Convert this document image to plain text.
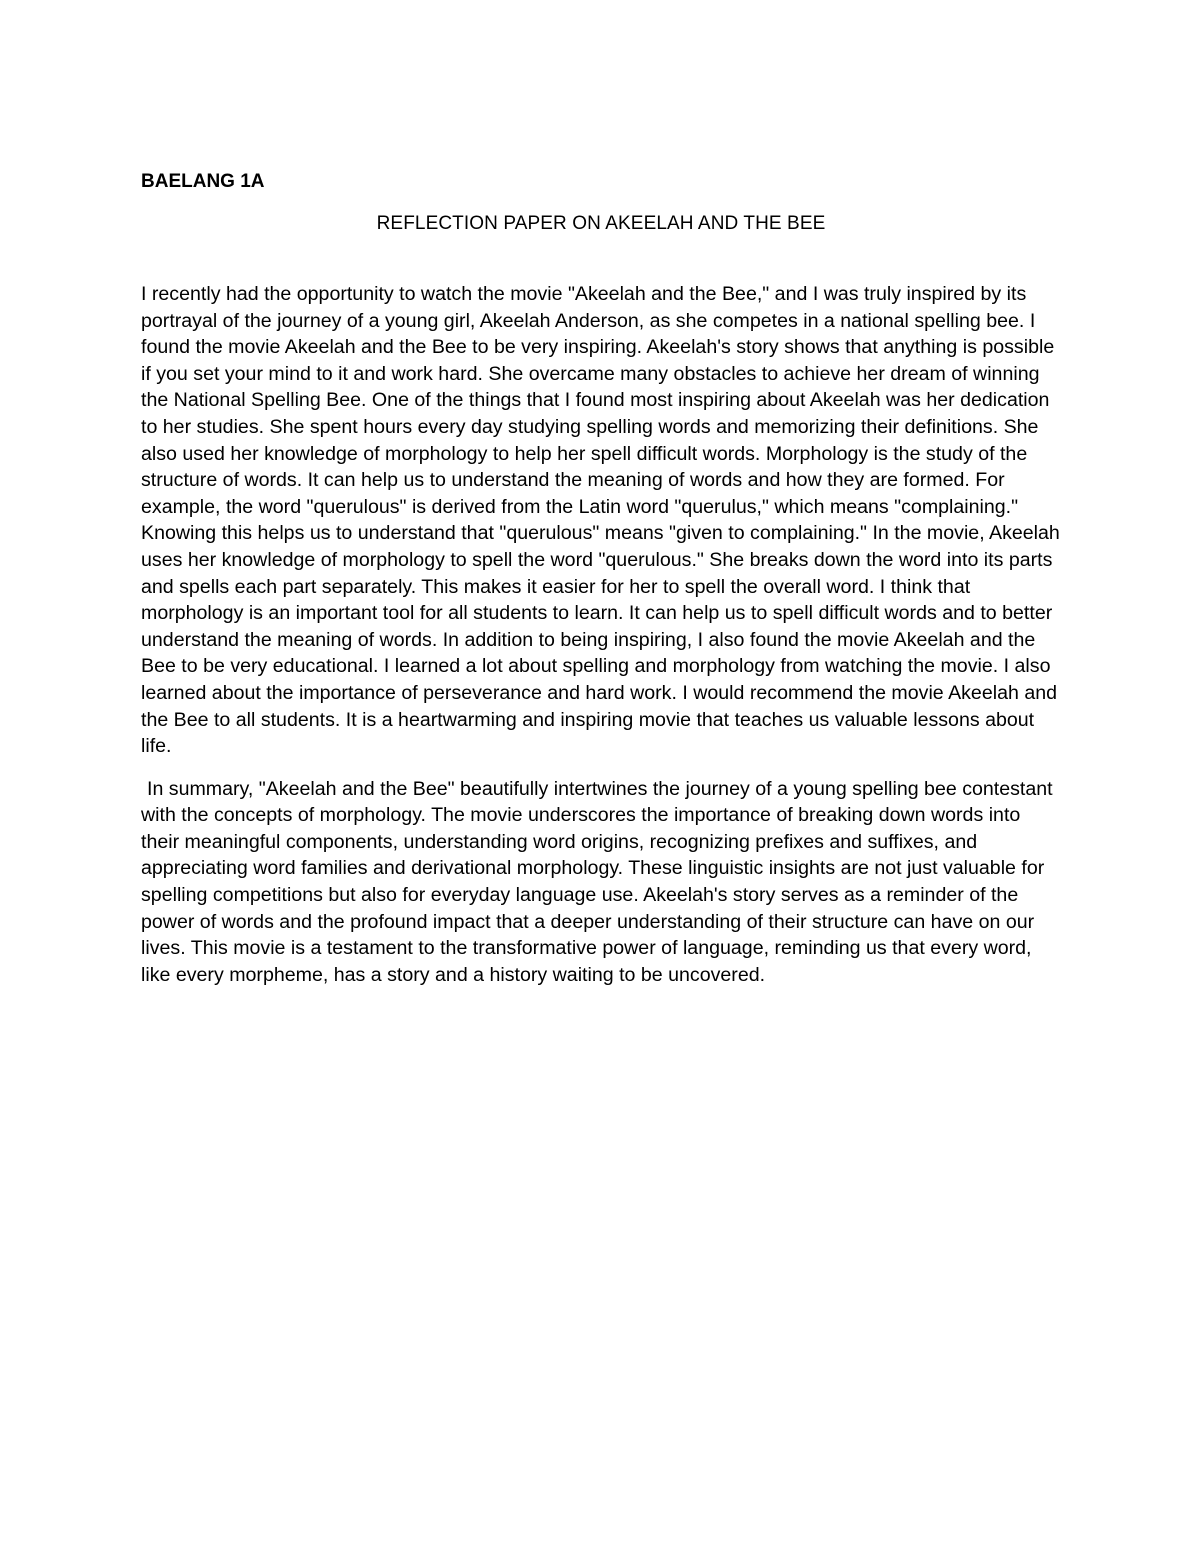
BAELANG 1A

REFLECTION PAPER ON AKEELAH AND THE BEE

I recently had the opportunity to watch the movie "Akeelah and the Bee," and I was truly inspired by its portrayal of the journey of a young girl, Akeelah Anderson, as she competes in a national spelling bee. I found the movie Akeelah and the Bee to be very inspiring. Akeelah's story shows that anything is possible if you set your mind to it and work hard. She overcame many obstacles to achieve her dream of winning the National Spelling Bee. One of the things that I found most inspiring about Akeelah was her dedication to her studies. She spent hours every day studying spelling words and memorizing their definitions. She also used her knowledge of morphology to help her spell difficult words. Morphology is the study of the structure of words. It can help us to understand the meaning of words and how they are formed. For example, the word "querulous" is derived from the Latin word "querulus," which means "complaining." Knowing this helps us to understand that "querulous" means "given to complaining." In the movie, Akeelah uses her knowledge of morphology to spell the word "querulous." She breaks down the word into its parts and spells each part separately. This makes it easier for her to spell the overall word. I think that morphology is an important tool for all students to learn. It can help us to spell difficult words and to better understand the meaning of words. In addition to being inspiring, I also found the movie Akeelah and the Bee to be very educational. I learned a lot about spelling and morphology from watching the movie. I also learned about the importance of perseverance and hard work. I would recommend the movie Akeelah and the Bee to all students. It is a heartwarming and inspiring movie that teaches us valuable lessons about life.

In summary, "Akeelah and the Bee" beautifully intertwines the journey of a young spelling bee contestant with the concepts of morphology. The movie underscores the importance of breaking down words into their meaningful components, understanding word origins, recognizing prefixes and suffixes, and appreciating word families and derivational morphology. These linguistic insights are not just valuable for spelling competitions but also for everyday language use. Akeelah's story serves as a reminder of the power of words and the profound impact that a deeper understanding of their structure can have on our lives. This movie is a testament to the transformative power of language, reminding us that every word, like every morpheme, has a story and a history waiting to be uncovered.
